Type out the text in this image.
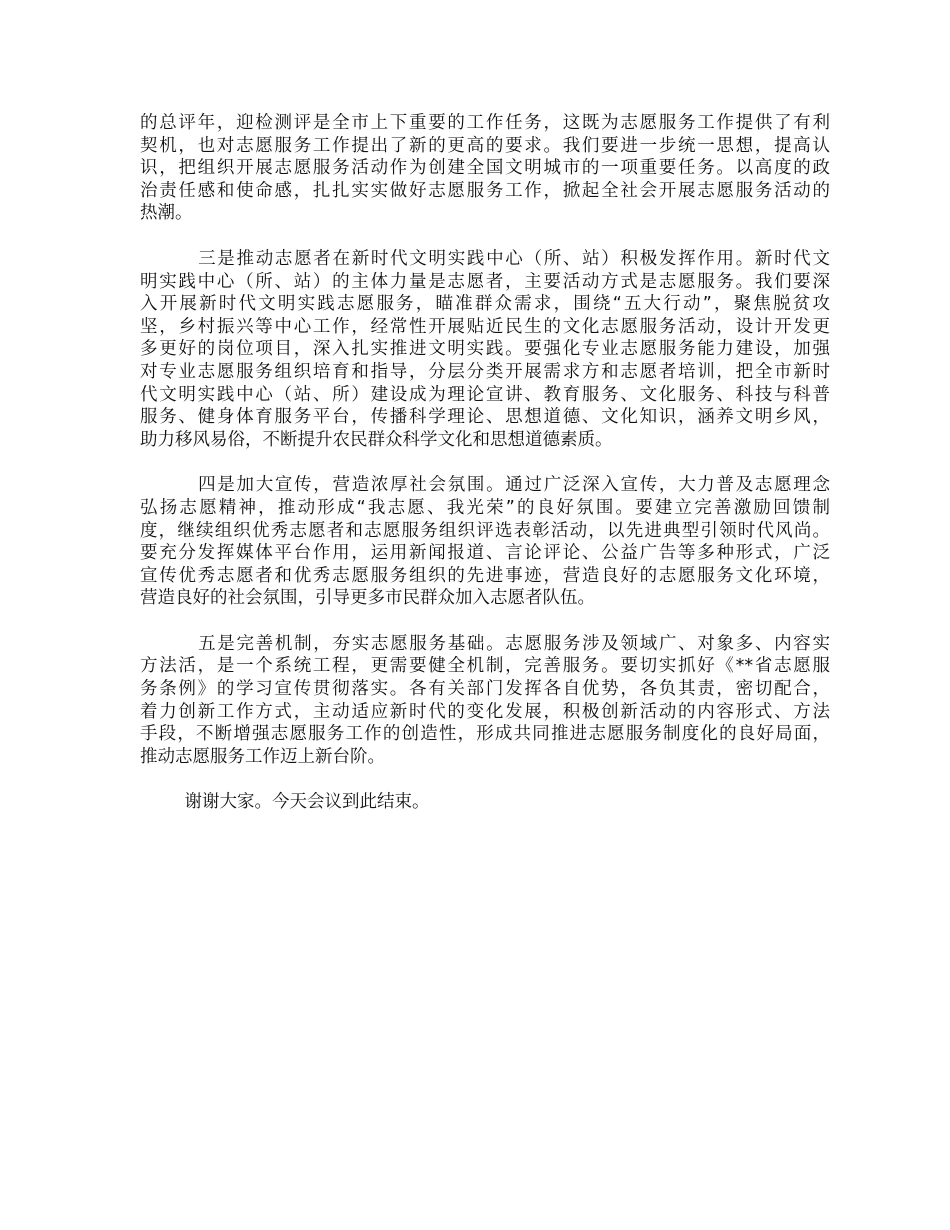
的总评年，迎检测评是全市上下重要的工作任务，这既为志愿服务工作提供了有利
契机，也对志愿服务工作提出了新的更高的要求。我们要进一步统一思想，提高认
识，把组织开展志愿服务活动作为创建全国文明城市的一项重要任务。以高度的政
治责任感和使命感，扎扎实实做好志愿服务工作，掀起全社会开展志愿服务活动的
热潮。

三是推动志愿者在新时代文明实践中心（所、站）积极发挥作用。新时代文
明实践中心（所、站）的主体力量是志愿者，主要活动方式是志愿服务。我们要深
入开展新时代文明实践志愿服务，瞄准群众需求，围绕“五大行动”，聚焦脱贫攻
坚，乡村振兴等中心工作，经常性开展贴近民生的文化志愿服务活动，设计开发更
多更好的岗位项目，深入扎实推进文明实践。要强化专业志愿服务能力建设，加强
对专业志愿服务组织培育和指导，分层分类开展需求方和志愿者培训，把全市新时
代文明实践中心（站、所）建设成为理论宣讲、教育服务、文化服务、科技与科普
服务、健身体育服务平台，传播科学理论、思想道德、文化知识，涵养文明乡风，
助力移风易俗，不断提升农民群众科学文化和思想道德素质。

四是加大宣传，营造浓厚社会氛围。通过广泛深入宣传，大力普及志愿理念
弘扬志愿精神，推动形成“我志愿、我光荣”的良好氛围。要建立完善激励回馈制
度，继续组织优秀志愿者和志愿服务组织评选表彰活动，以先进典型引领时代风尚。
要充分发挥媒体平台作用，运用新闻报道、言论评论、公益广告等多种形式，广泛
宣传优秀志愿者和优秀志愿服务组织的先进事迹，营造良好的志愿服务文化环境，
营造良好的社会氛围，引导更多市民群众加入志愿者队伍。

五是完善机制，夯实志愿服务基础。志愿服务涉及领域广、对象多、内容实
方法活，是一个系统工程，更需要健全机制，完善服务。要切实抓好《**省志愿服
务条例》的学习宣传贯彻落实。各有关部门发挥各自优势，各负其责，密切配合，
着力创新工作方式，主动适应新时代的变化发展，积极创新活动的内容形式、方法
手段，不断增强志愿服务工作的创造性，形成共同推进志愿服务制度化的良好局面，
推动志愿服务工作迈上新台阶。

谢谢大家。今天会议到此结束。
